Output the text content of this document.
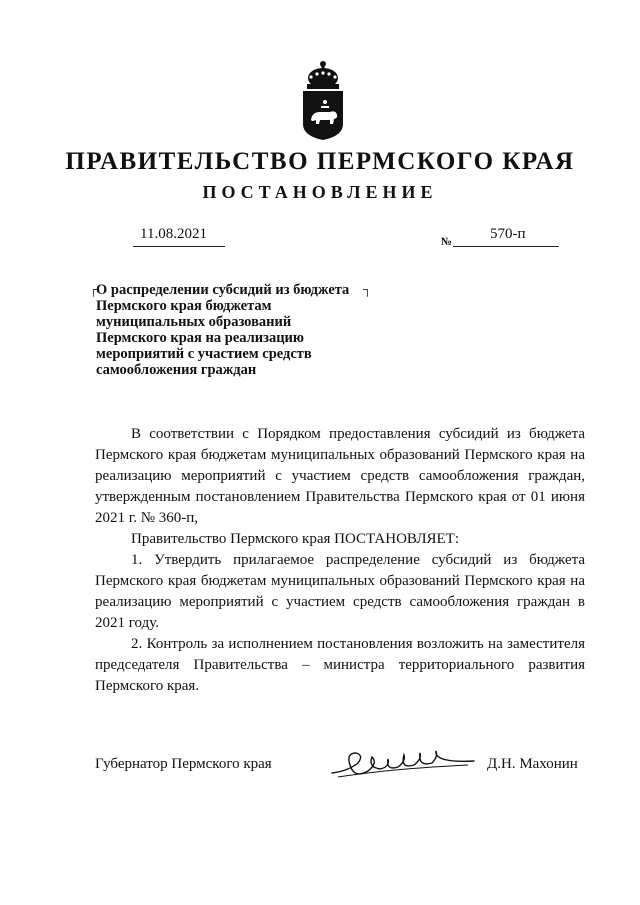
ПРАВИТЕЛЬСТВО ПЕРМСКОГО КРАЯ
ПОСТАНОВЛЕНИЕ
11.08.2021	№	570-п
┌	┐
О распределении субсидий из бюджета
Пермского края бюджетам
муниципальных образований
Пермского края на реализацию
мероприятий с участием средств
самообложения граждан

В соответствии с Порядком предоставления субсидий из бюджета Пермского края бюджетам муниципальных образований Пермского края на реализацию мероприятий с участием средств самообложения граждан, утвержденным постановлением Правительства Пермского края от 01 июня 2021 г. № 360-п,

Правительство Пермского края ПОСТАНОВЛЯЕТ:

1. Утвердить прилагаемое распределение субсидий из бюджета Пермского края бюджетам муниципальных образований Пермского края на реализацию мероприятий с участием средств самообложения граждан в 2021 году.

2. Контроль за исполнением постановления возложить на заместителя председателя Правительства – министра территориального развития Пермского края.

Губернатор Пермского края	Д.Н. Махонин
